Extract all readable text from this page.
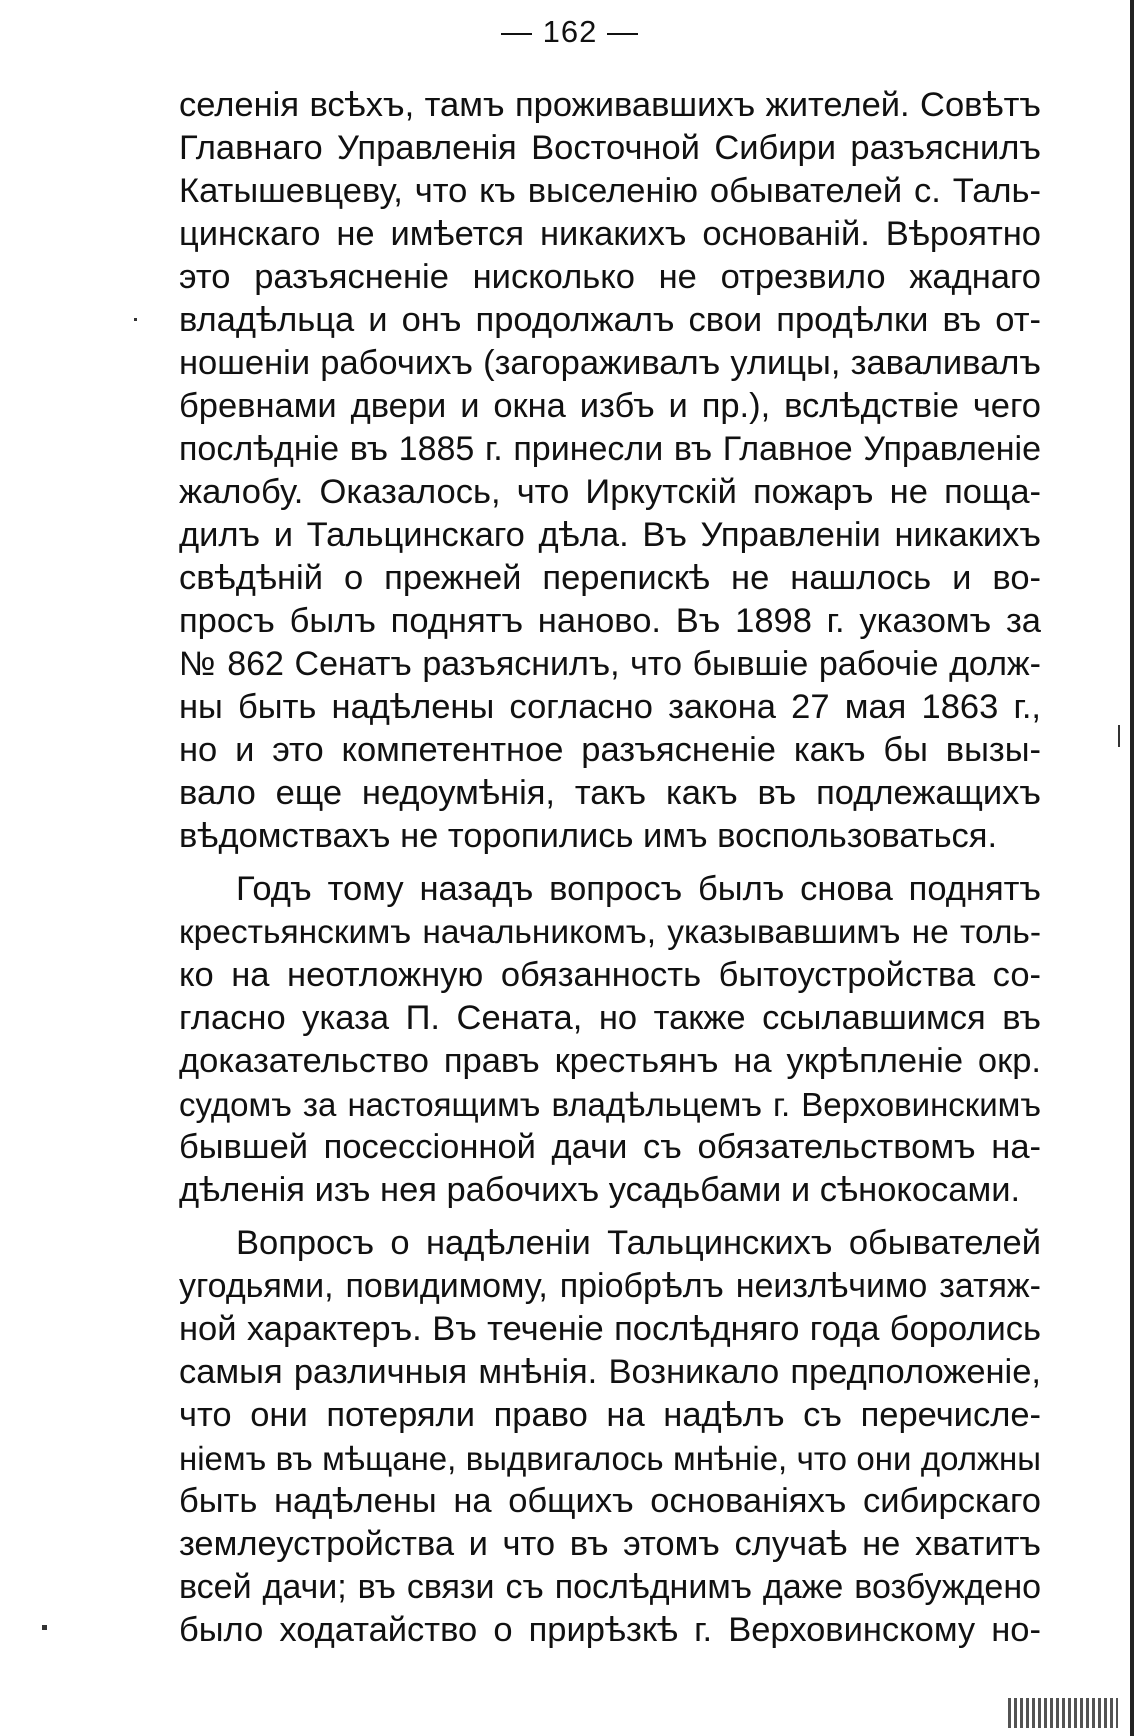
— 162 —
селенія всѣхъ, тамъ проживавшихъ жителей. Совѣтъ
Главнаго Управленія Восточной Сибири разъяснилъ
Катышевцеву, что къ выселенію обывателей с. Таль-
цинскаго не имѣется никакихъ основаній. Вѣроятно
это разъясненіе нисколько не отрезвило жаднаго
владѣльца и онъ продолжалъ свои продѣлки въ от-
ношеніи рабочихъ (загораживалъ улицы, заваливалъ
бревнами двери и окна избъ и пр.), вслѣдствіе чего
послѣдніе въ 1885 г. принесли въ Главное Управленіе
жалобу. Оказалось, что Иркутскій пожаръ не поща-
дилъ и Тальцинскаго дѣла. Въ Управленіи никакихъ
свѣдѣній о прежней перепискѣ не нашлось и во-
просъ былъ поднятъ наново. Въ 1898 г. указомъ за
№ 862 Сенатъ разъяснилъ, что бывшіе рабочіе долж-
ны быть надѣлены согласно закона 27 мая 1863 г.,
но и это компетентное разъясненіе какъ бы вызы-
вало еще недоумѣнія, такъ какъ въ подлежащихъ
вѣдомствахъ не торопились имъ воспользоваться.
Годъ тому назадъ вопросъ былъ снова поднятъ
крестьянскимъ начальникомъ, указывавшимъ не толь-
ко на неотложную обязанность бытоустройства со-
гласно указа П. Сената, но также ссылавшимся въ
доказательство правъ крестьянъ на укрѣпленіе окр.
судомъ за настоящимъ владѣльцемъ г. Верховинскимъ
бывшей посессіонной дачи съ обязательствомъ на-
дѣленія изъ нея рабочихъ усадьбами и сѣнокосами.
Вопросъ о надѣленіи Тальцинскихъ обывателей
угодьями, повидимому, пріобрѣлъ неизлѣчимо затяж-
ной характеръ. Въ теченіе послѣдняго года боролись
самыя различныя мнѣнія. Возникало предположеніе,
что они потеряли право на надѣлъ съ перечисле-
ніемъ въ мѣщане, выдвигалось мнѣніе, что они должны
быть надѣлены на общихъ основаніяхъ сибирскаго
землеустройства и что въ этомъ случаѣ не хватитъ
всей дачи; въ связи съ послѣднимъ даже возбуждено
было ходатайство о прирѣзкѣ г. Верховинскому но-
